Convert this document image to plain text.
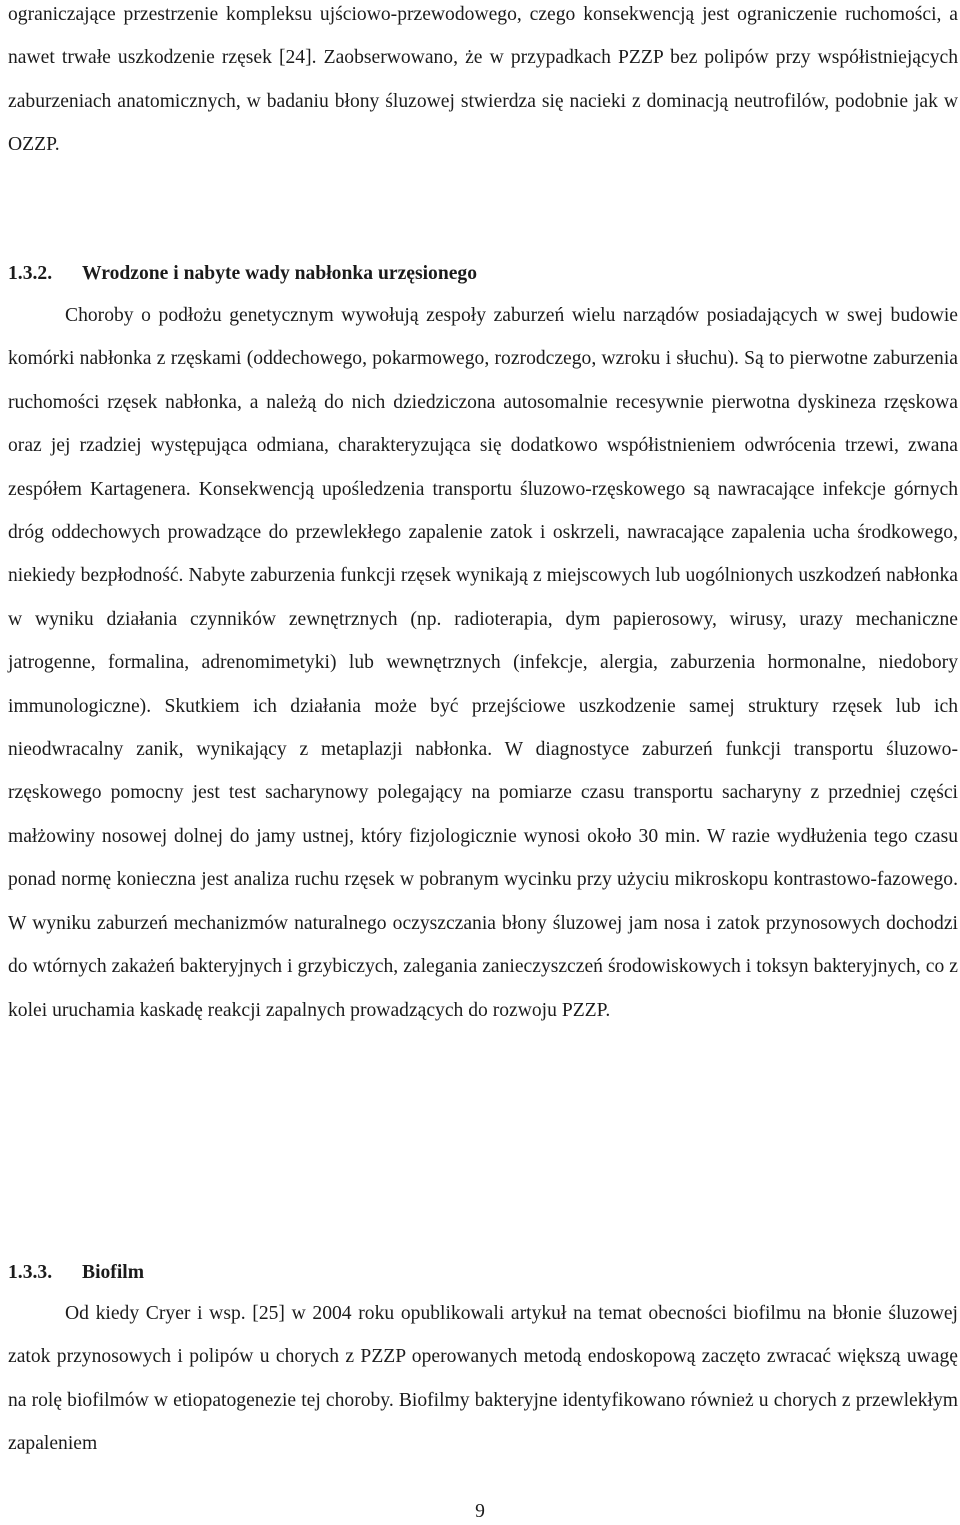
ograniczające przestrzenie kompleksu ujściowo-przewodowego, czego konsekwencją jest ograniczenie ruchomości, a nawet trwałe uszkodzenie rzęsek [24]. Zaobserwowano, że w przypadkach PZZP bez polipów przy współistniejących zaburzeniach anatomicznych, w badaniu błony śluzowej stwierdza się nacieki z dominacją neutrofilów, podobnie jak w OZZP.

1.3.2. Wrodzone i nabyte wady nabłonka urzęsionego

Choroby o podłożu genetycznym wywołują zespoły zaburzeń wielu narządów posiadających w swej budowie komórki nabłonka z rzęskami (oddechowego, pokarmowego, rozrodczego, wzroku i słuchu). Są to pierwotne zaburzenia ruchomości rzęsek nabłonka, a należą do nich dziedziczona autosomalnie recesywnie pierwotna dyskineza rzęskowa oraz jej rzadziej występująca odmiana, charakteryzująca się dodatkowo współistnieniem odwrócenia trzewi, zwana zespółem Kartagenera. Konsekwencją upośledzenia transportu śluzowo-rzęskowego są nawracające infekcje górnych dróg oddechowych prowadzące do przewlekłego zapalenie zatok i oskrzeli, nawracające zapalenia ucha środkowego, niekiedy bezpłodność. Nabyte zaburzenia funkcji rzęsek wynikają z miejscowych lub uogólnionych uszkodzeń nabłonka w wyniku działania czynników zewnętrznych (np. radioterapia, dym papierosowy, wirusy, urazy mechaniczne jatrogenne, formalina, adrenomimetyki) lub wewnętrznych (infekcje, alergia, zaburzenia hormonalne, niedobory immunologiczne). Skutkiem ich działania może być przejściowe uszkodzenie samej struktury rzęsek lub ich nieodwracalny zanik, wynikający z metaplazji nabłonka. W diagnostyce zaburzeń funkcji transportu śluzowo-rzęskowego pomocny jest test sacharynowy polegający na pomiarze czasu transportu sacharyny z przedniej części małżowiny nosowej dolnej do jamy ustnej, który fizjologicznie wynosi około 30 min. W razie wydłużenia tego czasu ponad normę konieczna jest analiza ruchu rzęsek w pobranym wycinku przy użyciu mikroskopu kontrastowo-fazowego. W wyniku zaburzeń mechanizmów naturalnego oczyszczania błony śluzowej jam nosa i zatok przynosowych dochodzi do wtórnych zakażeń bakteryjnych i grzybiczych, zalegania zanieczyszczeń środowiskowych i toksyn bakteryjnych, co z kolei uruchamia kaskadę reakcji zapalnych prowadzących do rozwoju PZZP.

1.3.3. Biofilm

Od kiedy Cryer i wsp. [25] w 2004 roku opublikowali artykuł na temat obecności biofilmu na błonie śluzowej zatok przynosowych i polipów u chorych z PZZP operowanych metodą endoskopową zaczęto zwracać większą uwagę na rolę biofilmów w etiopatogenezie tej choroby. Biofilmy bakteryjne identyfikowano również u chorych z przewlekłym zapaleniem

9
